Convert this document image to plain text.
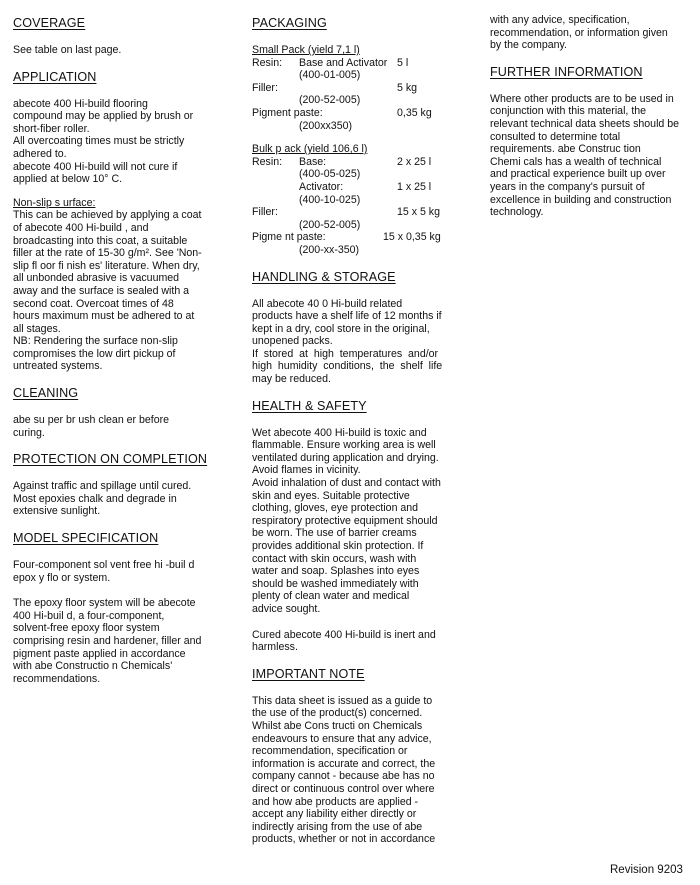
COVERAGE

See table on last page.

APPLICATION
abecote 400 Hi-build flooring
compound may be applied by brush or
short-fiber roller.
All overcoating times must be strictly
adhered to.
abecote 400 Hi-build will not cure if
applied at below 10° C.
Non-slip s urface:
This can be achieved by applying a coat
of abecote 400 Hi-build , and
broadcasting into this coat, a suitable
filler at the rate of 15-30 g/m². See 'Non-
slip fl oor fi nish es' literature. When dry,
all unbonded abrasive is vacuumed
away and the surface is sealed with a
second coat. Overcoat times of 48
hours maximum must be adhered to at
all stages.
NB: Rendering the surface non-slip
compromises the low dirt pickup of
untreated systems.
CLEANING
abe su per br ush clean er before
curing.
PROTECTION ON COMPLETION
Against traffic and spillage until cured.
Most epoxies chalk and degrade in
extensive sunlight.
MODEL SPECIFICATION
Four-component sol vent free hi -buil d
epox y flo or system.
The epoxy floor system will be abecote
400 Hi-buil d, a four-component,
solvent-free epoxy floor system
comprising resin and hardener, filler and
pigment paste applied in accordance
with abe Constructio n Chemicals'
recommendations.
PACKAGING
Small Pack (yield 7,1 l)
Resin: Base and Activator 5 l
(400-01-005)
Filler:	5 kg
(200-52-005)
Pigment paste:	0,35 kg
(200xx350)
Bulk p ack (yield 106,6 l)
Resin: Base:	2 x 25 l
(400-05-025)
Activator:	1 x 25 l
(400-10-025)
Filler:	15 x 5 kg
(200-52-005)
Pigme nt paste:	15 x 0,35 kg
(200-xx-350)
HANDLING & STORAGE
All abecote 40 0 Hi-build related
products have a shelf life of 12 months if
kept in a dry, cool store in the original,
unopened packs.
If  stored  at  high  temperatures  and/or
high  humidity  conditions,  the  shelf  life
may be reduced.
HEALTH & SAFETY
Wet abecote 400 Hi-build is toxic and
flammable. Ensure working area is well
ventilated during application and drying.
Avoid flames in vicinity.
Avoid inhalation of dust and contact with
skin and eyes. Suitable protective
clothing, gloves, eye protection and
respiratory protective equipment should
be worn. The use of barrier creams
provides additional skin protection. If
contact with skin occurs, wash with
water and soap. Splashes into eyes
should be washed immediately with
plenty of clean water and medical
advice sought.
Cured abecote 400 Hi-build is inert and
harmless.
IMPORTANT NOTE
This data sheet is issued as a guide to
the use of the product(s) concerned.
Whilst abe Cons tructi on Chemicals
endeavours to ensure that any advice,
recommendation, specification or
information is accurate and correct, the
company cannot - because abe has no
direct or continuous control over where
and how abe products are applied -
accept any liability either directly or
indirectly arising from the use of abe
products, whether or not in accordance
with any advice, specification,
recommendation, or information given
by the company.
FURTHER INFORMATION
Where other products are to be used in
conjunction with this material, the
relevant technical data sheets should be
consulted to determine total
requirements. abe Construc tion
Chemi cals has a wealth of technical
and practical experience built up over
years in the company's pursuit of
excellence in building and construction
technology.
Revision 9203
